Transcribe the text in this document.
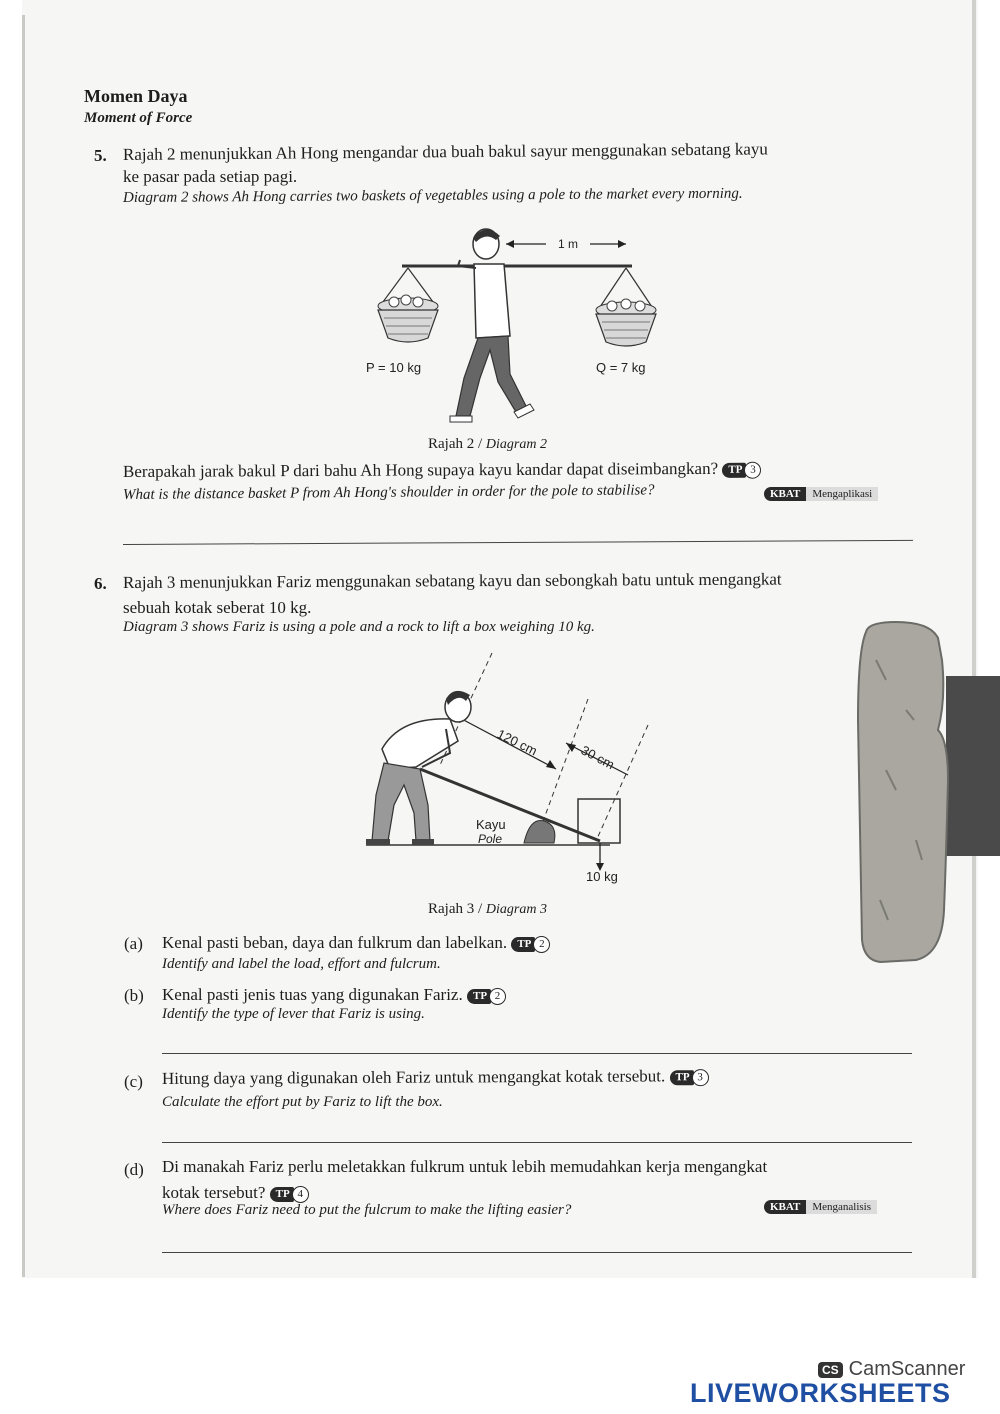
Momen Daya
Moment of Force
5. Rajah 2 menunjukkan Ah Hong mengandar dua buah bakul sayur menggunakan sebatang kayu
ke pasar pada setiap pagi.
Diagram 2 shows Ah Hong carries two baskets of vegetables using a pole to the market every morning.
1 m
P = 10 kg	Q = 7 kg
Rajah 2 / Diagram 2
Berapakah jarak bakul P dari bahu Ah Hong supaya kayu kandar dapat diseimbangkan? TP 3
What is the distance basket P from Ah Hong's shoulder in order for the pole to stabilise?	KBAT	Mengaplikasi
6. Rajah 3 menunjukkan Fariz menggunakan sebatang kayu dan sebongkah batu untuk mengangkat
sebuah kotak seberat 10 kg.
Diagram 3 shows Fariz is using a pole and a rock to lift a box weighing 10 kg.
120 cm	30 cm
Kayu
Pole
10 kg
Rajah 3 / Diagram 3
(a) Kenal pasti beban, daya dan fulkrum dan labelkan. TP 2
Identify and label the load, effort and fulcrum.
(b) Kenal pasti jenis tuas yang digunakan Fariz. TP 2
Identify the type of lever that Fariz is using.
(c) Hitung daya yang digunakan oleh Fariz untuk mengangkat kotak tersebut. TP 3
Calculate the effort put by Fariz to lift the box.
(d) Di manakah Fariz perlu meletakkan fulkrum untuk lebih memudahkan kerja mengangkat
kotak tersebut? TP 4
Where does Fariz need to put the fulcrum to make the lifting easier?	KBAT	Menganalisis
CS CamScanner
LIVEWORKSHEETS
